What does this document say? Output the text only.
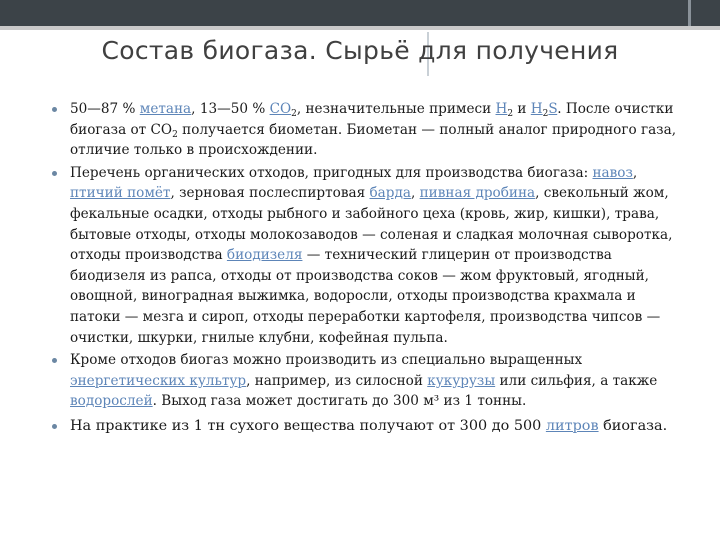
Состав биогаза. Сырьё для получения
50—87 % метана, 13—50 % $CO_2$, незначительные примеси $H_2$ и $H_2S$. После очистки биогаза от $CO_2$ получается биометан. Биометан — полный аналог природного газа, отличие только в происхождении.
Перечень органических отходов, пригодных для производства биогаза: навоз, птичий помёт, зерновая послеспиртовая барда, пивная дробина, свекольный жом, фекальные осадки, отходы рыбного и забойного цеха (кровь, жир, кишки), трава, бытовые отходы, отходы молокозаводов — соленая и сладкая молочная сыворотка, отходы производства биодизеля — технический глицерин от производства биодизеля из рапса, отходы от производства соков — жом фруктовый, ягодный, овощной, виноградная выжимка, водоросли, отходы производства крахмала и патоки — мезга и сироп, отходы переработки картофеля, производства чипсов — очистки, шкурки, гнилые клубни, кофейная пульпа.
Кроме отходов биогаз можно производить из специально выращенных энергетических культур, например, из силосной кукурузы или сильфия, а также водорослей. Выход газа может достигать до 300 м³ из 1 тонны.
На практике из 1 тн сухого вещества получают от 300 до 500 литров биогаза.
